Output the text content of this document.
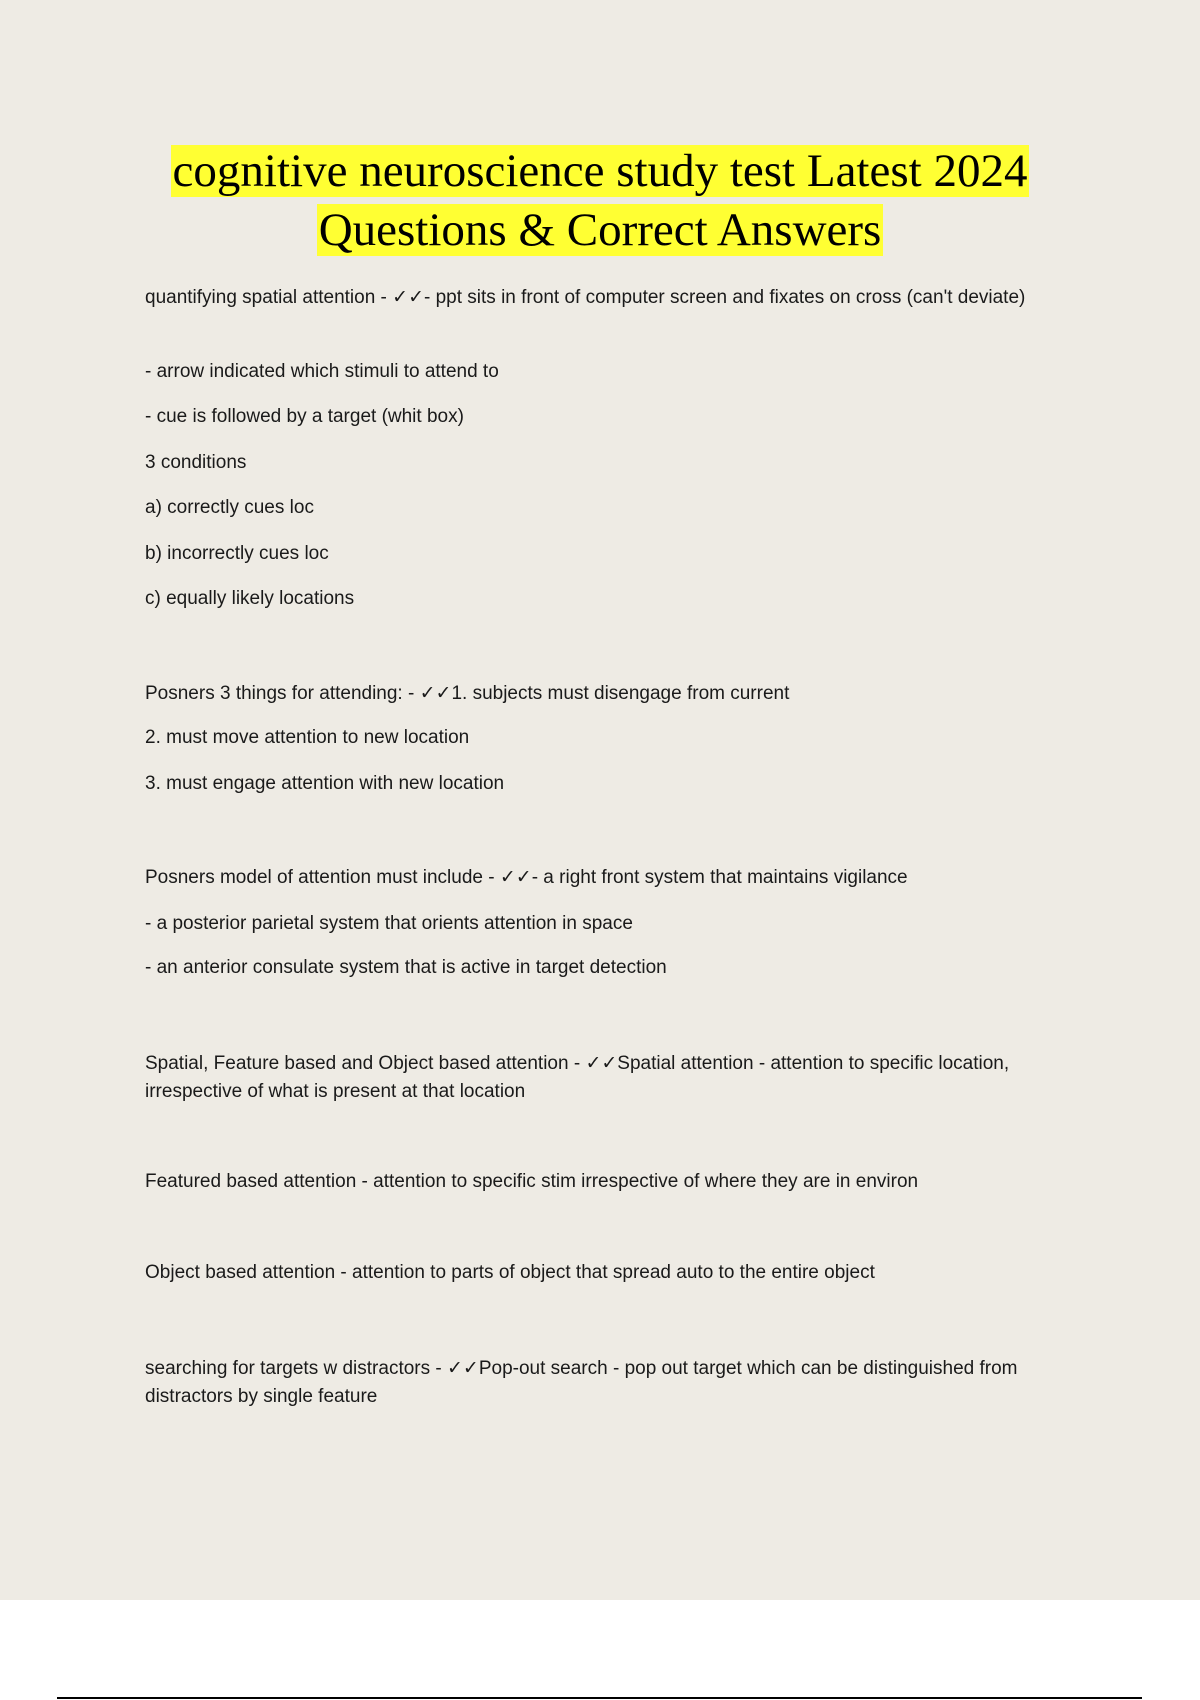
cognitive neuroscience study test Latest 2024
Questions & Correct Answers

quantifying spatial attention - ✓✓- ppt sits in front of computer screen and fixates on cross (can't deviate)

- arrow indicated which stimuli to attend to

- cue is followed by a target (whit box)

3 conditions

a) correctly cues loc

b) incorrectly cues loc

c) equally likely locations

Posners 3 things for attending: - ✓✓1. subjects must disengage from current

2. must move attention to new location

3. must engage attention with new location

Posners model of attention must include - ✓✓- a right front system that maintains vigilance

- a posterior parietal system that orients attention in space

- an anterior consulate system that is active in target detection

Spatial, Feature based and Object based attention - ✓✓Spatial attention - attention to specific location, irrespective of what is present at that location

Featured based attention - attention to specific stim irrespective of where they are in environ

Object based attention - attention to parts of object that spread auto to the entire object

searching for targets w distractors - ✓✓Pop-out search - pop out target which can be distinguished from distractors by single feature
